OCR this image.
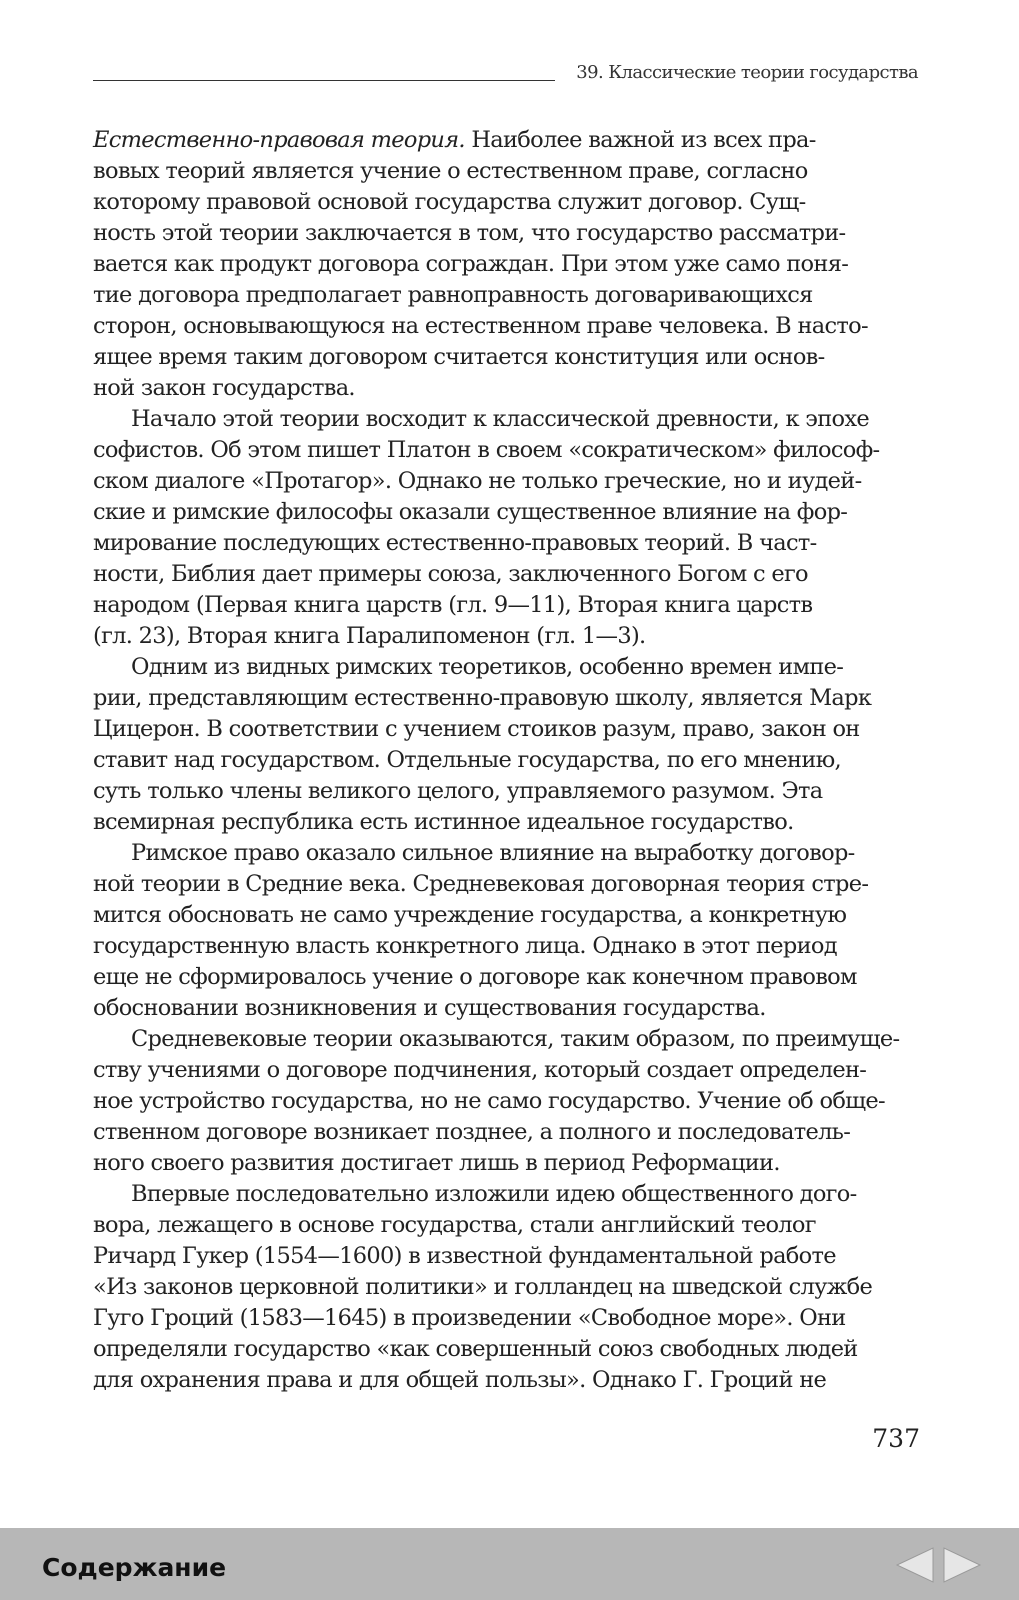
39. Классические теории государства
Естественно-правовая теория. Наиболее важной из всех пра-
вовых теорий является учение о естественном праве, согласно
которому правовой основой государства служит договор. Сущ-
ность этой теории заключается в том, что государство рассматри-
вается как продукт договора сограждан. При этом уже само поня-
тие договора предполагает равноправность договаривающихся
сторон, основывающуюся на естественном праве человека. В насто-
ящее время таким договором считается конституция или основ-
ной закон государства.
Начало этой теории восходит к классической древности, к эпохе
софистов. Об этом пишет Платон в своем «сократическом» философ-
ском диалоге «Протагор». Однако не только греческие, но и иудей-
ские и римские философы оказали существенное влияние на фор-
мирование последующих естественно-правовых теорий. В част-
ности, Библия дает примеры союза, заключенного Богом с его
народом (Первая книга царств (гл. 9—11), Вторая книга царств
(гл. 23), Вторая книга Паралипоменон (гл. 1—3).
Одним из видных римских теоретиков, особенно времен импе-
рии, представляющим естественно-правовую школу, является Марк
Цицерон. В соответствии с учением стоиков разум, право, закон он
ставит над государством. Отдельные государства, по его мнению,
суть только члены великого целого, управляемого разумом. Эта
всемирная республика есть истинное идеальное государство.
Римское право оказало сильное влияние на выработку договор-
ной теории в Средние века. Средневековая договорная теория стре-
мится обосновать не само учреждение государства, а конкретную
государственную власть конкретного лица. Однако в этот период
еще не сформировалось учение о договоре как конечном правовом
обосновании возникновения и существования государства.
Средневековые теории оказываются, таким образом, по преимуще-
ству учениями о договоре подчинения, который создает определен-
ное устройство государства, но не само государство. Учение об обще-
ственном договоре возникает позднее, а полного и последователь-
ного своего развития достигает лишь в период Реформации.
Впервые последовательно изложили идею общественного дого-
вора, лежащего в основе государства, стали английский теолог
Ричард Гукер (1554—1600) в известной фундаментальной работе
«Из законов церковной политики» и голландец на шведской службе
Гуго Гроций (1583—1645) в произведении «Свободное море». Они
определяли государство «как совершенный союз свободных людей
для охранения права и для общей пользы». Однако Г. Гроций не
737
Содержание
